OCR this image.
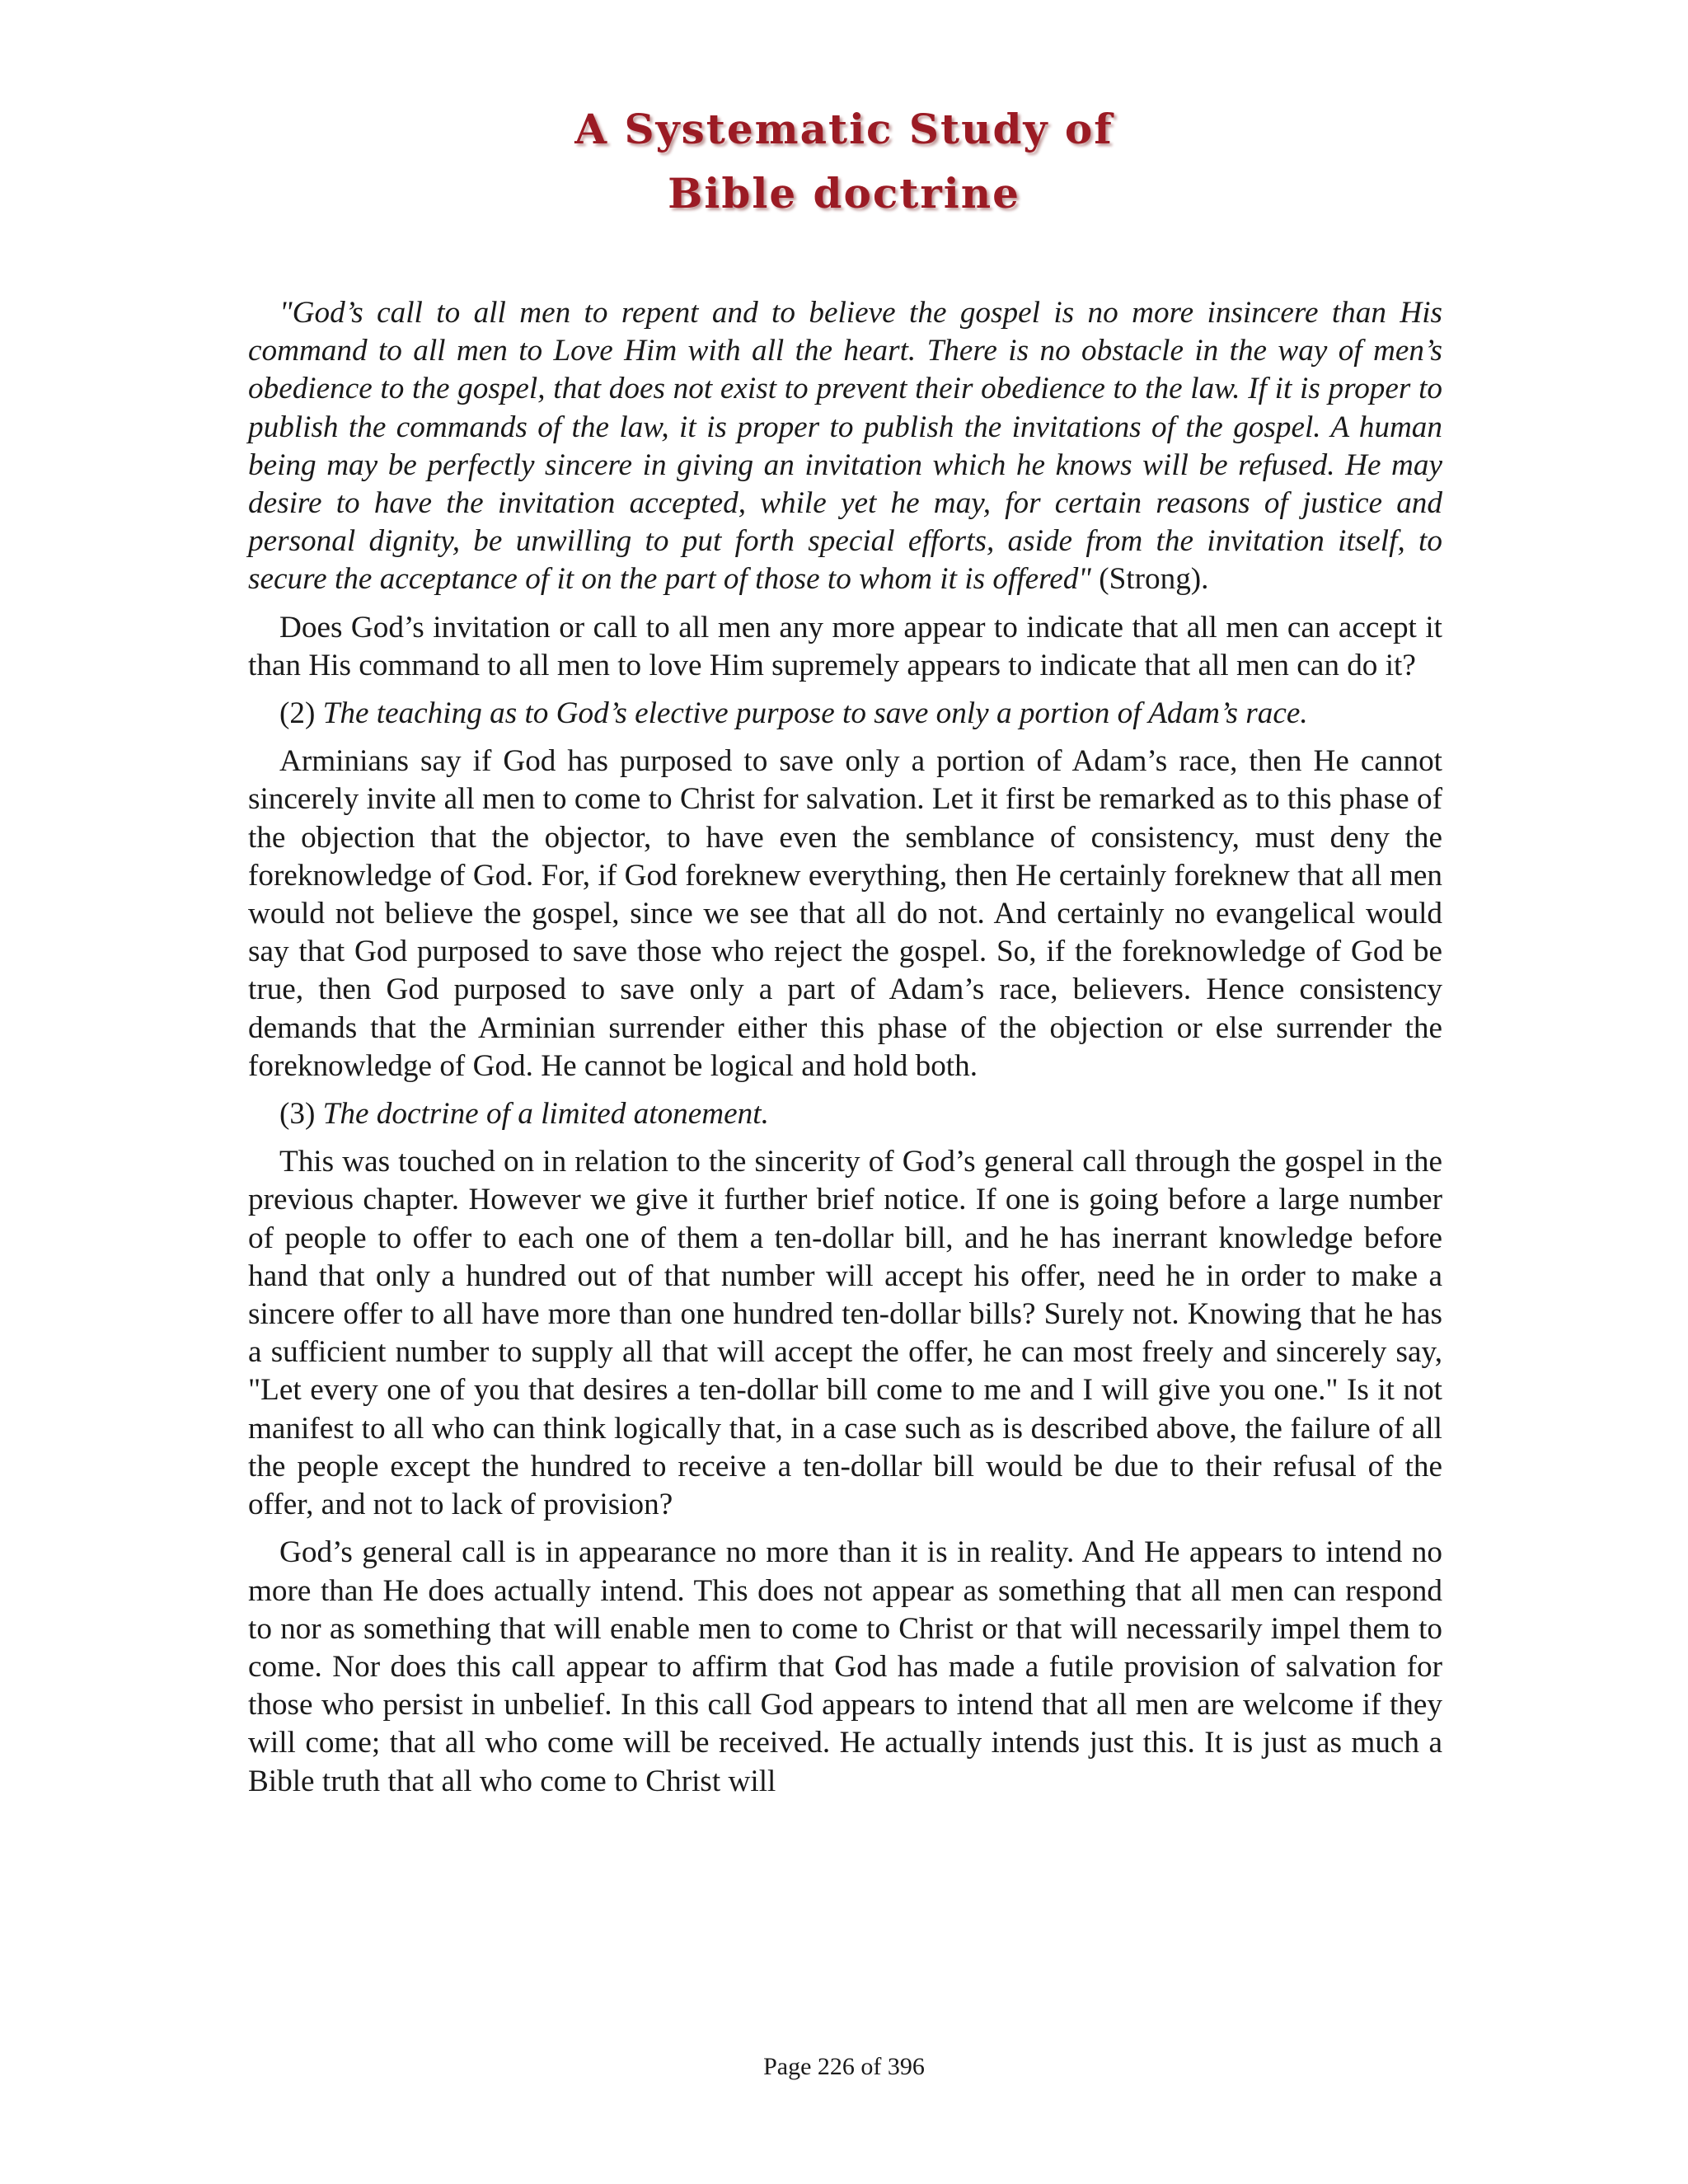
A Systematic Study of
Bible doctrine

"God’s call to all men to repent and to believe the gospel is no more insincere than His command to all men to Love Him with all the heart. There is no obstacle in the way of men’s obedience to the gospel, that does not exist to prevent their obedience to the law. If it is proper to publish the commands of the law, it is proper to publish the invitations of the gospel. A human being may be perfectly sincere in giving an invitation which he knows will be refused. He may desire to have the invitation accepted, while yet he may, for certain reasons of justice and personal dignity, be unwilling to put forth special efforts, aside from the invitation itself, to secure the acceptance of it on the part of those to whom it is offered" (Strong).

Does God’s invitation or call to all men any more appear to indicate that all men can accept it than His command to all men to love Him supremely appears to indicate that all men can do it?

(2) The teaching as to God’s elective purpose to save only a portion of Adam’s race.

Arminians say if God has purposed to save only a portion of Adam’s race, then He cannot sincerely invite all men to come to Christ for salvation. Let it first be remarked as to this phase of the objection that the objector, to have even the semblance of consistency, must deny the foreknowledge of God. For, if God foreknew everything, then He certainly foreknew that all men would not believe the gospel, since we see that all do not. And certainly no evangelical would say that God purposed to save those who reject the gospel. So, if the foreknowledge of God be true, then God purposed to save only a part of Adam’s race, believers. Hence consistency demands that the Arminian surrender either this phase of the objection or else surrender the foreknowledge of God. He cannot be logical and hold both.

(3) The doctrine of a limited atonement.

This was touched on in relation to the sincerity of God’s general call through the gospel in the previous chapter. However we give it further brief notice. If one is going before a large number of people to offer to each one of them a ten-dollar bill, and he has inerrant knowledge before hand that only a hundred out of that number will accept his offer, need he in order to make a sincere offer to all have more than one hundred ten-dollar bills? Surely not. Knowing that he has a sufficient number to supply all that will accept the offer, he can most freely and sincerely say, "Let every one of you that desires a ten-dollar bill come to me and I will give you one." Is it not manifest to all who can think logically that, in a case such as is described above, the failure of all the people except the hundred to receive a ten-dollar bill would be due to their refusal of the offer, and not to lack of provision?

God’s general call is in appearance no more than it is in reality. And He appears to intend no more than He does actually intend. This does not appear as something that all men can respond to nor as something that will enable men to come to Christ or that will necessarily impel them to come. Nor does this call appear to affirm that God has made a futile provision of salvation for those who persist in unbelief. In this call God appears to intend that all men are welcome if they will come; that all who come will be received. He actually intends just this. It is just as much a Bible truth that all who come to Christ will

Page 226 of 396
